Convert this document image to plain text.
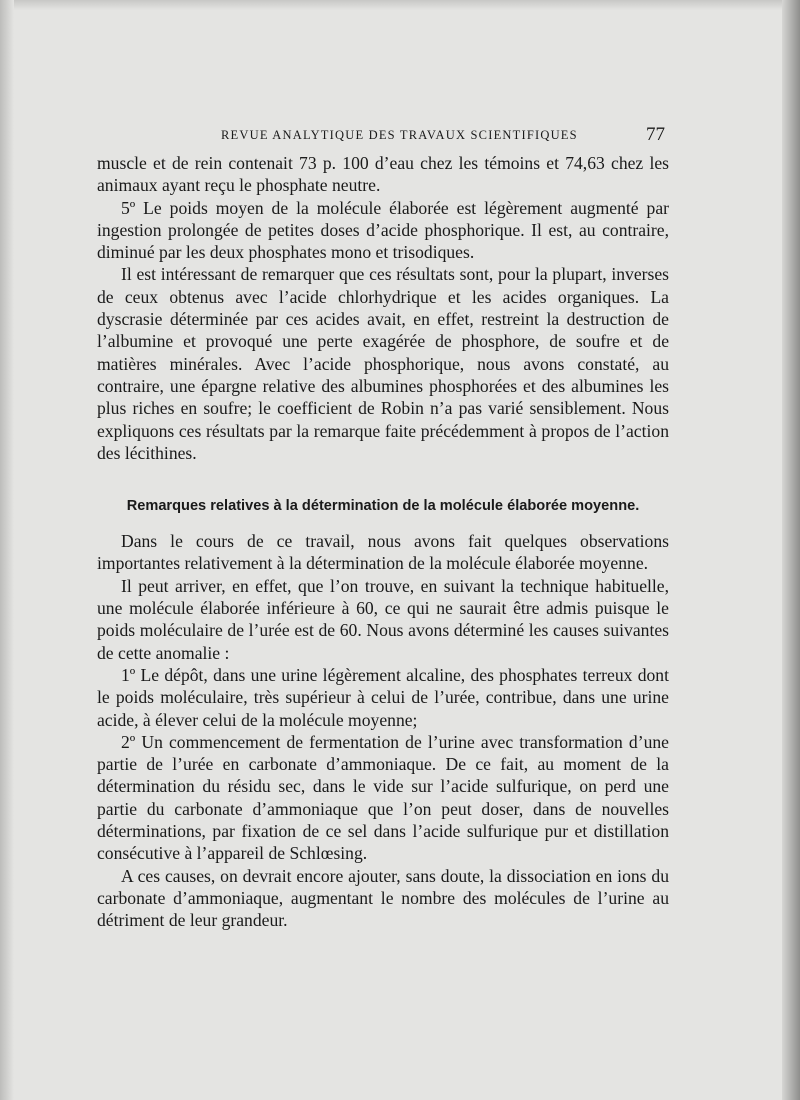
REVUE ANALYTIQUE DES TRAVAUX SCIENTIFIQUES	77

muscle et de rein contenait 73 p. 100 d’eau chez les témoins et 74,63 chez les animaux ayant reçu le phosphate neutre.

5º Le poids moyen de la molécule élaborée est légèrement augmenté par ingestion prolongée de petites doses d’acide phosphorique. Il est, au contraire, diminué par les deux phosphates mono et trisodiques.

Il est intéressant de remarquer que ces résultats sont, pour la plupart, inverses de ceux obtenus avec l’acide chlorhydrique et les acides organiques. La dyscrasie déterminée par ces acides avait, en effet, restreint la destruction de l’albumine et provoqué une perte exagérée de phosphore, de soufre et de matières minérales. Avec l’acide phosphorique, nous avons constaté, au contraire, une épargne relative des albumines phosphorées et des albumines les plus riches en soufre; le coefficient de Robin n’a pas varié sensiblement. Nous expliquons ces résultats par la remarque faite précédemment à propos de l’action des lécithines.

Remarques relatives à la détermination de la molécule élaborée moyenne.

Dans le cours de ce travail, nous avons fait quelques observations importantes relativement à la détermination de la molécule élaborée moyenne.

Il peut arriver, en effet, que l’on trouve, en suivant la technique habituelle, une molécule élaborée inférieure à 60, ce qui ne saurait être admis puisque le poids moléculaire de l’urée est de 60. Nous avons déterminé les causes suivantes de cette anomalie :

1º Le dépôt, dans une urine légèrement alcaline, des phosphates terreux dont le poids moléculaire, très supérieur à celui de l’urée, contribue, dans une urine acide, à élever celui de la molécule moyenne;

2º Un commencement de fermentation de l’urine avec transformation d’une partie de l’urée en carbonate d’ammoniaque. De ce fait, au moment de la détermination du résidu sec, dans le vide sur l’acide sulfurique, on perd une partie du carbonate d’ammoniaque que l’on peut doser, dans de nouvelles déterminations, par fixation de ce sel dans l’acide sulfurique pur et distillation consécutive à l’appareil de Schlœsing.

A ces causes, on devrait encore ajouter, sans doute, la dissociation en ions du carbonate d’ammoniaque, augmentant le nombre des molécules de l’urine au détriment de leur grandeur.
